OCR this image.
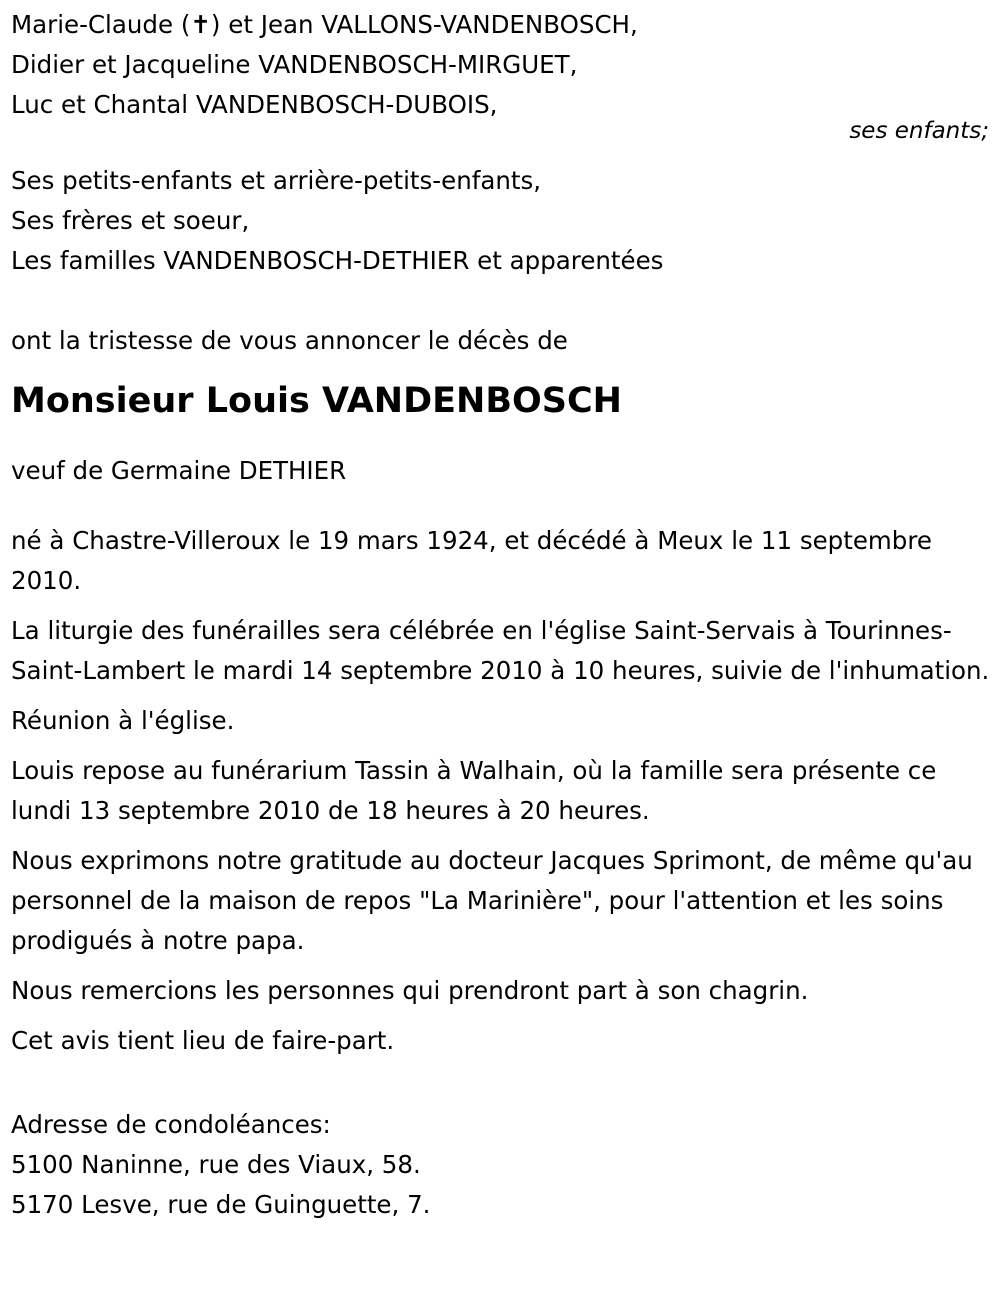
Marie-Claude (✝) et Jean VALLONS-VANDENBOSCH,
Didier et Jacqueline VANDENBOSCH-MIRGUET,
Luc et Chantal VANDENBOSCH-DUBOIS,
ses enfants;
Ses petits-enfants et arrière-petits-enfants,
Ses frères et soeur,
Les familles VANDENBOSCH-DETHIER et apparentées
ont la tristesse de vous annoncer le décès de
Monsieur Louis VANDENBOSCH
veuf de Germaine DETHIER
né à Chastre-Villeroux le 19 mars 1924, et décédé à Meux le 11 septembre 2010.
La liturgie des funérailles sera célébrée en l'église Saint-Servais à Tourinnes-Saint-Lambert le mardi 14 septembre 2010 à 10 heures, suivie de l'inhumation.
Réunion à l'église.
Louis repose au funérarium Tassin à Walhain, où la famille sera présente ce lundi 13 septembre 2010 de 18 heures à 20 heures.
Nous exprimons notre gratitude au docteur Jacques Sprimont, de même qu'au personnel de la maison de repos "La Marinière", pour l'attention et les soins prodigués à notre papa.
Nous remercions les personnes qui prendront part à son chagrin.
Cet avis tient lieu de faire-part.
Adresse de condoléances:
5100 Naninne, rue des Viaux, 58.
5170 Lesve, rue de Guinguette, 7.
